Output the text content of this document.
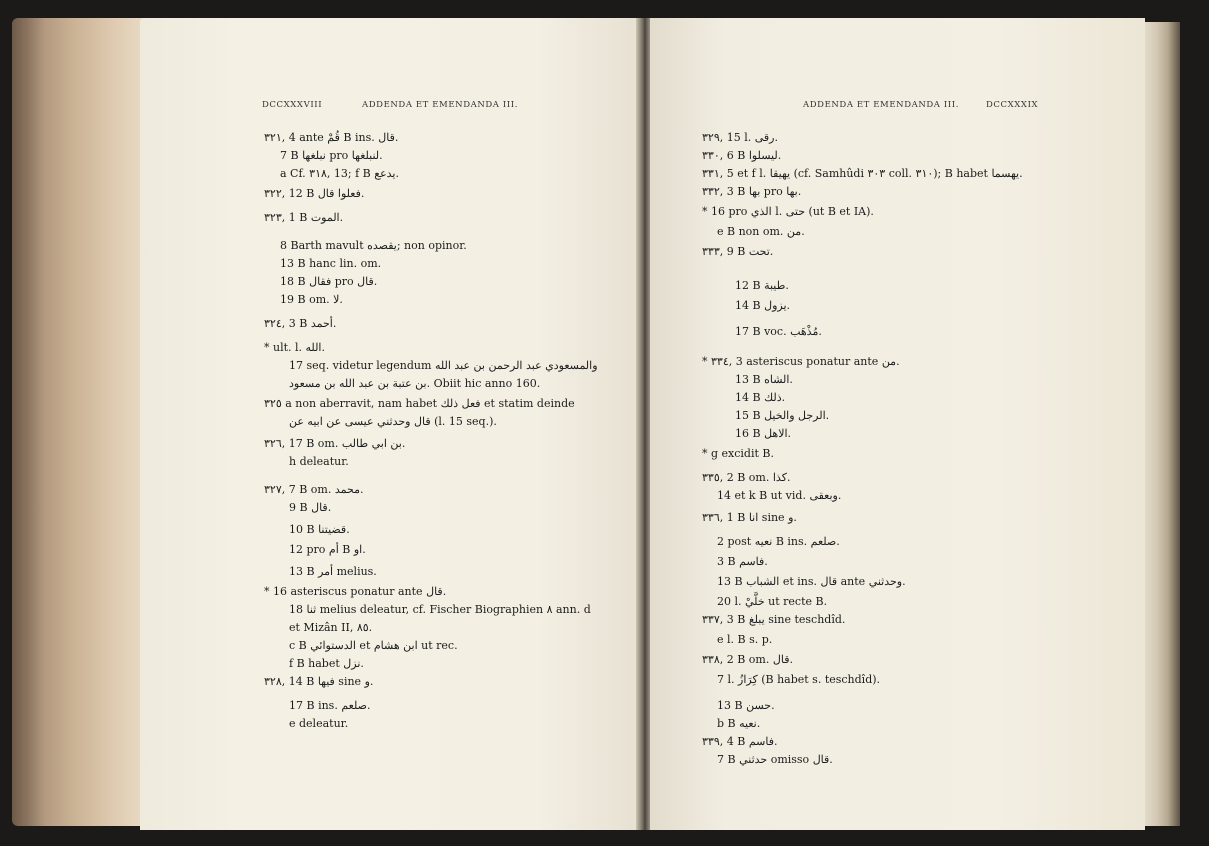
DCCXXXVIII	ADDENDA ET EMENDANDA III.	ADDENDA ET EMENDANDA III.	DCCXXXIX
٣٢١, 4 ante قُمْ B ins. قال.
7 B نبلغها pro لنبلغها.
a Cf. ٣١٨, 13; f B يدعع.
٣٢٢, 12 B فعلوا قال.
٣٢٣, 1 B الموت.
8 Barth mavult يقصده; non opinor.
13 B hanc lin. om.
18 B فقال pro قال.
19 B om. لا.
٣٢٤, 3 B أحمد.
* ult. l. الله.
17 seq. videtur legendum والمسعودي عبد الرحمن بن عبد الله
بن عتبة بن عبد الله بن مسعود. Obiit hic anno 160.
٣٢٥ a non aberravit, nam habet فعل ذلك et statim deinde
قال وحدثني عيسى عن ابيه عن (l. 15 seq.).
٣٢٦, 17 B om. بن ابي طالب.
h deleatur.
٣٢٧, 7 B om. محمد.
9 B قال.
10 B قضيتنا.
12 pro أم B او.
13 B أمر melius.
* 16 asteriscus ponatur ante قال.
18 ثنا melius deleatur, cf. Fischer Biographien ٨ ann. d
et Mizân II, ٨٥.
c B الدستوائي et ابن هشام ut rec.
f B habet نزل.
٣٢٨, 14 B فيها sine و.
17 B ins. صلعم.
e deleatur.
٣٢٩, 15 l. رقى.
٣٣٠, 6 B ليسلوا.
٣٣١, 5 et f l. يهيقا (cf. Samhûdi ٣٠٣ coll. ٣١٠); B habet يهسما.
٣٣٢, 3 B بها pro بها.
* 16 pro الذي l. حتى (ut B et IA).
e B non om. من.
٣٣٣, 9 B تحت.
12 B طيبة.
14 B يزول.
17 B voc. مُذْهَب.
* ٣٣٤, 3 asteriscus ponatur ante من.
13 B الشاه.
14 B ذلك.
15 B الرجل والخيل.
16 B الاهل.
* g excidit B.
٣٣٥, 2 B om. كذا.
14 et k B ut vid. وبعقى.
٣٣٦, 1 B انا sine و.
2 post نعيه B ins. صلعم.
3 B فاسم.
13 B الشباب et ins. قال ante وحدثني.
20 l. خلَّيْ ut recte B.
٣٣٧, 3 B يبلغ sine teschdîd.
e l. B s. p.
٣٣٨, 2 B om. قال.
7 l. كِرَازُ (B habet s. teschdîd).
13 B حسن.
b B نعيه.
٣٣٩, 4 B فاسم.
7 B حدثني omisso قال.
